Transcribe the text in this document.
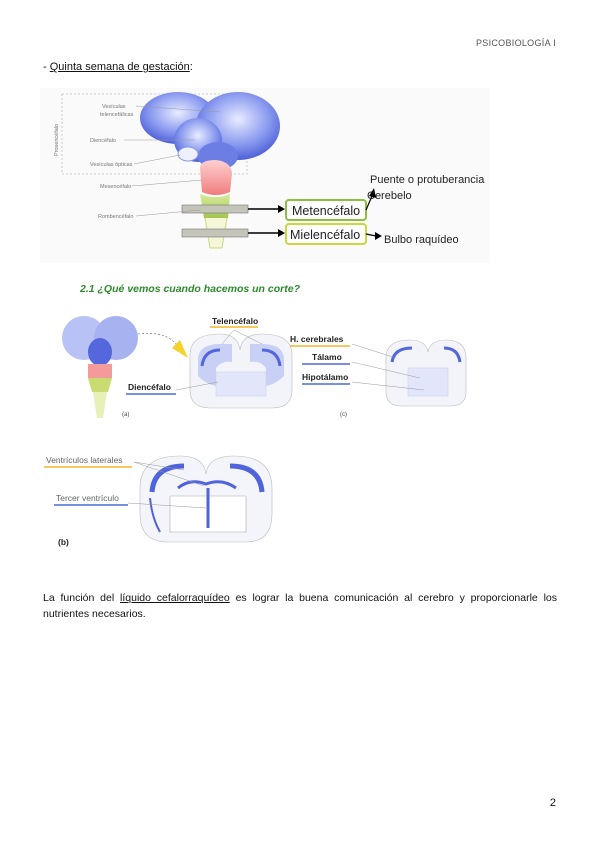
PSICOBIOLOGÍA I
- Quinta semana de gestación:
Prosencéfalo
Vesículas
telencefálicas
Diencéfalo
Vesículas ópticas
Mesencéfalo
Rombencéfalo	Metencéfalo
Mielencéfalo
Puente o protuberancia
Cerebelo
Bulbo raquídeo
2.1 ¿Qué vemos cuando hacemos un corte?
(a)
Telencéfalo
Diencéfalo
H. cerebrales
Tálamo
Hipotálamo
(c)
Ventrículos laterales
Tercer ventrículo
(b)
La función del líquido cefalorraquídeo es lograr la buena comunicación al cerebro y proporcionarle los nutrientes necesarios.
2
